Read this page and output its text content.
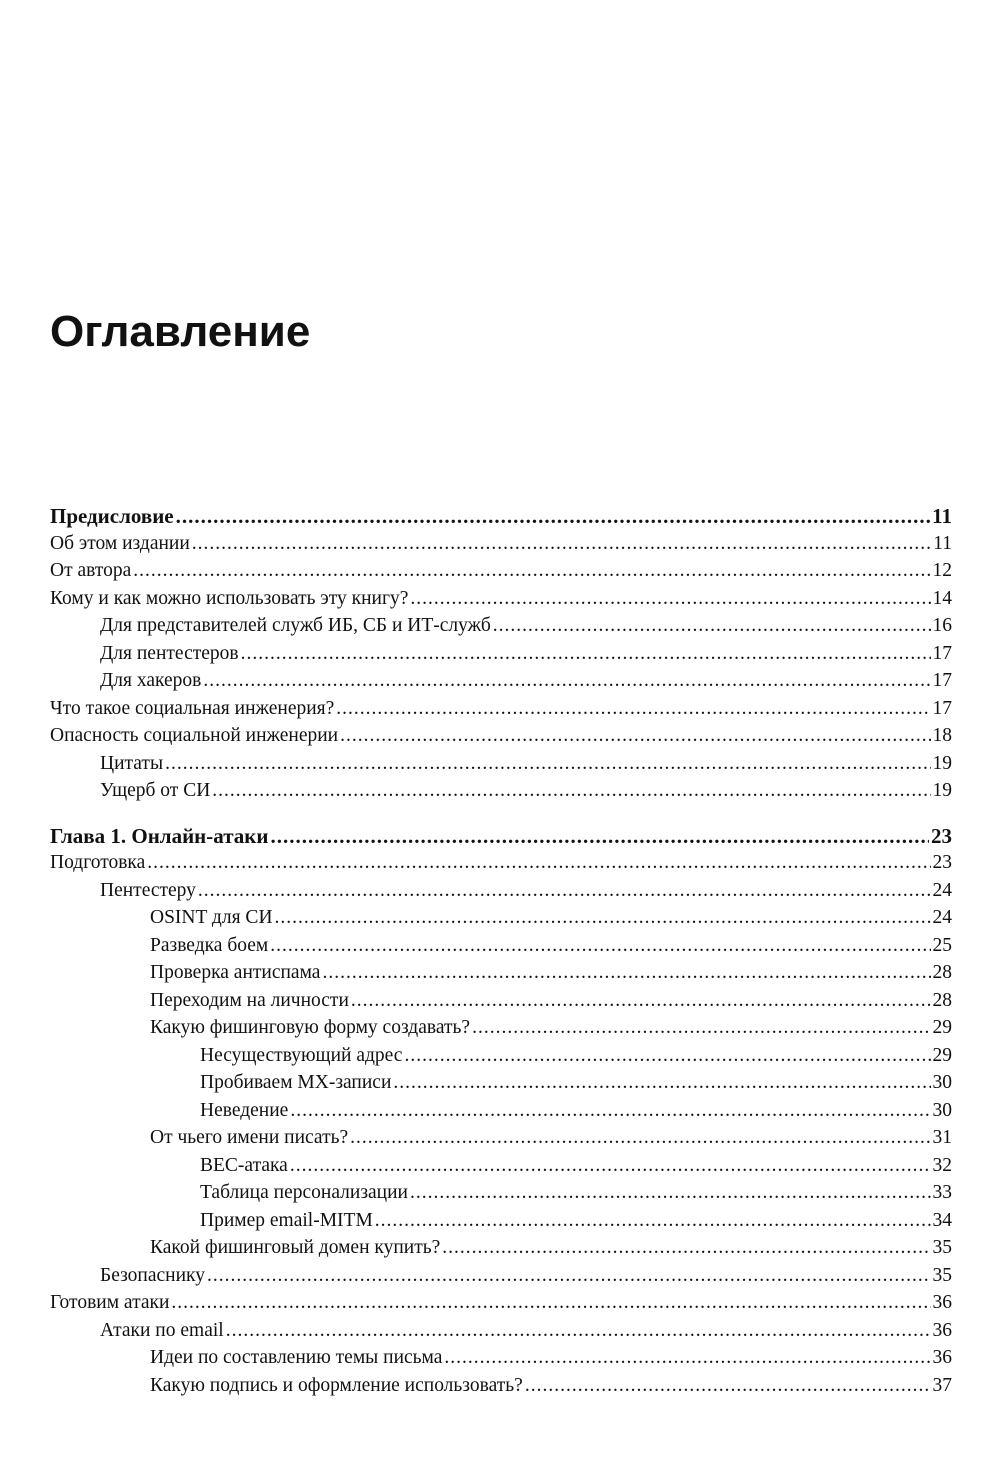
Оглавление
Предисловие .....	11
Об этом издании .....	11
От автора .....	12
Кому и как можно использовать эту книгу? .....	14
Для представителей служб ИБ, СБ и ИТ-служб .....	16
Для пентестеров .....	17
Для хакеров .....	17
Что такое социальная инженерия? .....	17
Опасность социальной инженерии .....	18
Цитаты .....	19
Ущерб от СИ .....	19
Глава 1. Онлайн-атаки .....	23
Подготовка .....	23
Пентестеру .....	24
OSINT для СИ .....	24
Разведка боем .....	25
Проверка антиспама .....	28
Переходим на личности .....	28
Какую фишинговую форму создавать? .....	29
Несуществующий адрес .....	29
Пробиваем MX-записи .....	30
Неведение .....	30
От чьего имени писать? .....	31
BEC-атака .....	32
Таблица персонализации .....	33
Пример email-MITM .....	34
Какой фишинговый домен купить? .....	35
Безопаснику .....	35
Готовим атаки .....	36
Атаки по email .....	36
Идеи по составлению темы письма .....	36
Какую подпись и оформление использовать? .....	37
